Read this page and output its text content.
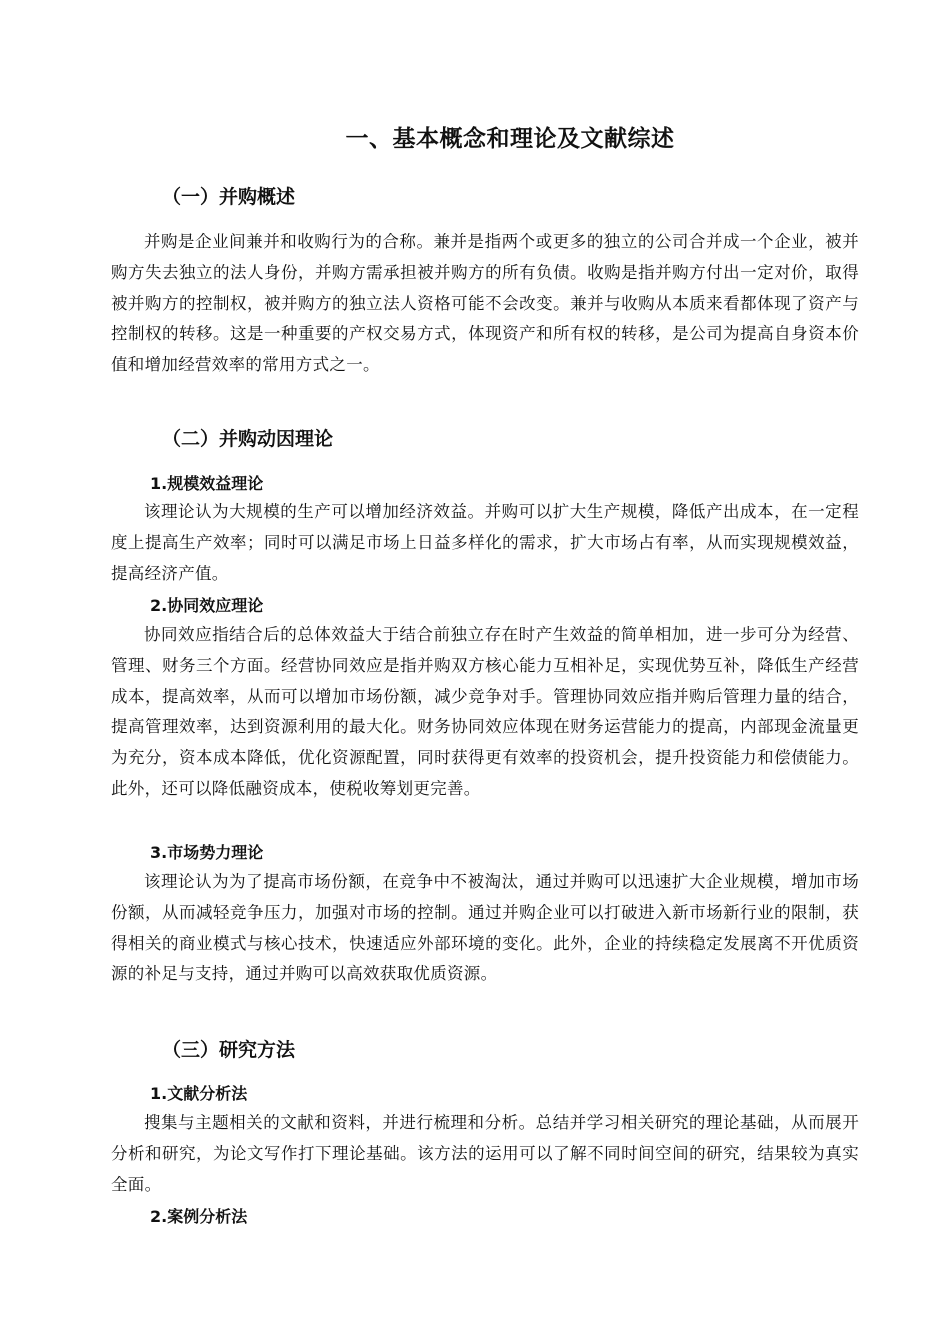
一、基本概念和理论及文献综述
（一）并购概述

并购是企业间兼并和收购行为的合称。兼并是指两个或更多的独立的公司合并成一个企业，被并购方失去独立的法人身份，并购方需承担被并购方的所有负债。收购是指并购方付出一定对价，取得被并购方的控制权，被并购方的独立法人资格可能不会改变。兼并与收购从本质来看都体现了资产与控制权的转移。这是一种重要的产权交易方式，体现资产和所有权的转移，是公司为提高自身资本价值和增加经营效率的常用方式之一。

（二）并购动因理论
1.规模效益理论

该理论认为大规模的生产可以增加经济效益。并购可以扩大生产规模，降低产出成本，在一定程度上提高生产效率；同时可以满足市场上日益多样化的需求，扩大市场占有率，从而实现规模效益，提高经济产值。

2.协同效应理论

协同效应指结合后的总体效益大于结合前独立存在时产生效益的简单相加，进一步可分为经营、管理、财务三个方面。经营协同效应是指并购双方核心能力互相补足，实现优势互补，降低生产经营成本，提高效率，从而可以增加市场份额，减少竞争对手。管理协同效应指并购后管理力量的结合，提高管理效率，达到资源利用的最大化。财务协同效应体现在财务运营能力的提高，内部现金流量更为充分，资本成本降低，优化资源配置，同时获得更有效率的投资机会，提升投资能力和偿债能力。此外，还可以降低融资成本，使税收筹划更完善。

3.市场势力理论

该理论认为为了提高市场份额，在竞争中不被淘汰，通过并购可以迅速扩大企业规模，增加市场份额，从而减轻竞争压力，加强对市场的控制。通过并购企业可以打破进入新市场新行业的限制，获得相关的商业模式与核心技术，快速适应外部环境的变化。此外，企业的持续稳定发展离不开优质资源的补足与支持，通过并购可以高效获取优质资源。

（三）研究方法
1.文献分析法

搜集与主题相关的文献和资料，并进行梳理和分析。总结并学习相关研究的理论基础，从而展开分析和研究，为论文写作打下理论基础。该方法的运用可以了解不同时间空间的研究，结果较为真实全面。

2.案例分析法
